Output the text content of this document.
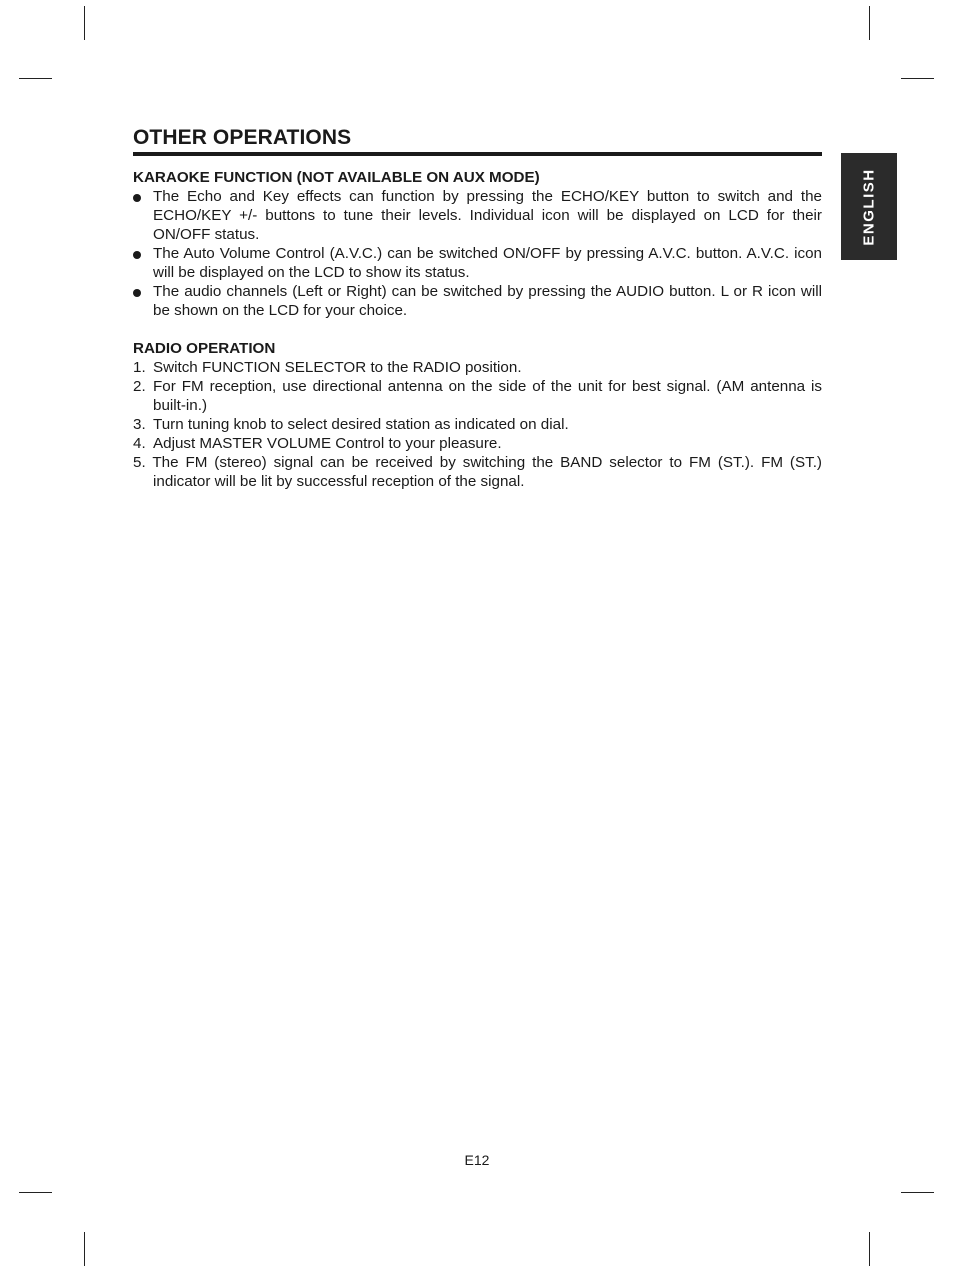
OTHER OPERATIONS
ENGLISH

KARAOKE FUNCTION (NOT AVAILABLE ON AUX MODE)

The Echo and Key effects can function by pressing the ECHO/KEY button to switch and the ECHO/KEY +/- buttons to tune their levels. Individual icon will be displayed on LCD for their ON/OFF status.
The Auto Volume Control (A.V.C.) can be switched ON/OFF by pressing A.V.C. button. A.V.C. icon will be displayed on the LCD to show its status.
The audio channels (Left or Right) can be switched by pressing the AUDIO button. L or R icon will be shown on the LCD for your choice.

RADIO OPERATION

1. Switch FUNCTION SELECTOR to the RADIO position.
2. For FM reception, use directional antenna on the side of the unit for best signal. (AM antenna is built-in.)
3. Turn tuning knob to select desired station as indicated on dial.
4. Adjust MASTER VOLUME Control to your pleasure.
5. The FM (stereo) signal can be received by switching the BAND selector to FM (ST.). FM (ST.) indicator will be lit by successful reception of the signal.
E12
